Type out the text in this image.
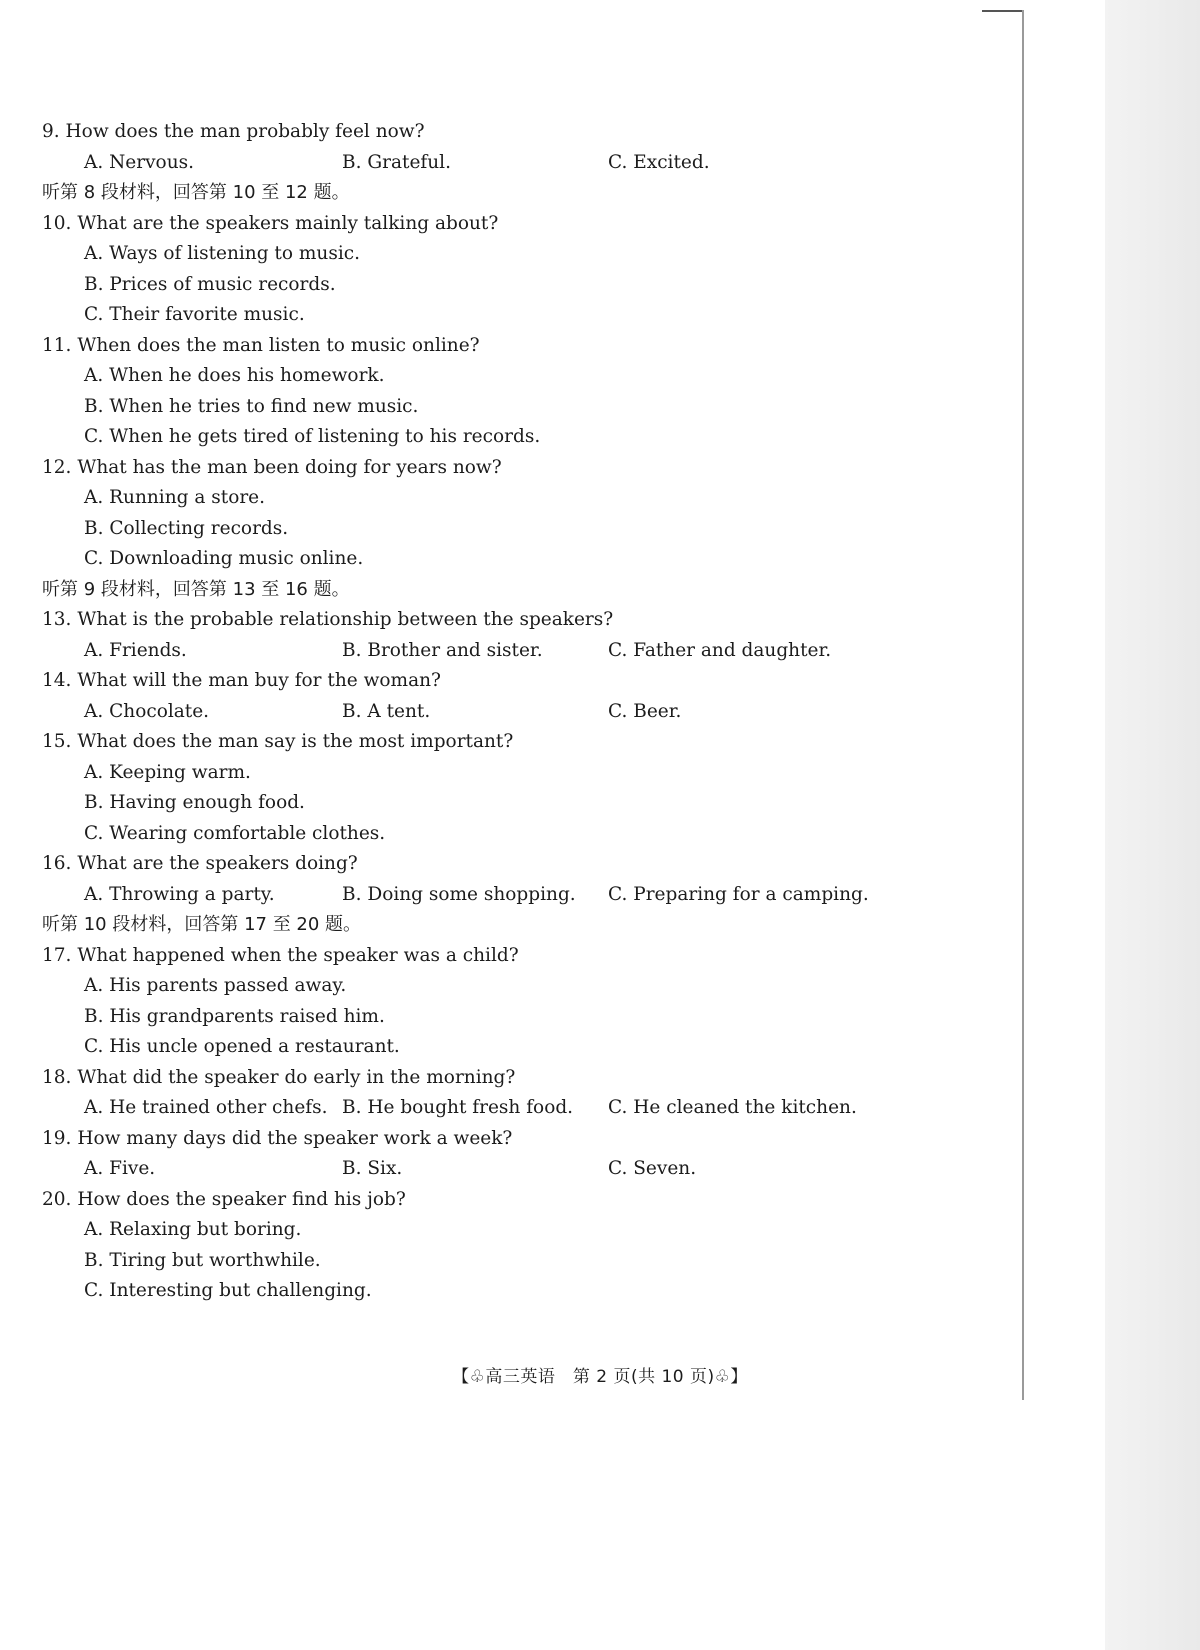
9. How does the man probably feel now?
A. Nervous.	B. Grateful.	C. Excited.
听第 8 段材料，回答第 10 至 12 题。
10. What are the speakers mainly talking about?
A. Ways of listening to music.
B. Prices of music records.
C. Their favorite music.
11. When does the man listen to music online?
A. When he does his homework.
B. When he tries to find new music.
C. When he gets tired of listening to his records.
12. What has the man been doing for years now?
A. Running a store.
B. Collecting records.
C. Downloading music online.
听第 9 段材料，回答第 13 至 16 题。
13. What is the probable relationship between the speakers?
A. Friends.	B. Brother and sister.	C. Father and daughter.
14. What will the man buy for the woman?
A. Chocolate.	B. A tent.	C. Beer.
15. What does the man say is the most important?
A. Keeping warm.
B. Having enough food.
C. Wearing comfortable clothes.
16. What are the speakers doing?
A. Throwing a party.	B. Doing some shopping. C. Preparing for a camping.
听第 10 段材料，回答第 17 至 20 题。
17. What happened when the speaker was a child?
A. His parents passed away.
B. His grandparents raised him.
C. His uncle opened a restaurant.
18. What did the speaker do early in the morning?
A. He trained other chefs. B. He bought fresh food. C. He cleaned the kitchen.
19. How many days did the speaker work a week?
A. Five.	B. Six.	C. Seven.
20. How does the speaker find his job?
A. Relaxing but boring.
B. Tiring but worthwhile.
C. Interesting but challenging.
【♧高三英语　第 2 页(共 10 页)♧】
